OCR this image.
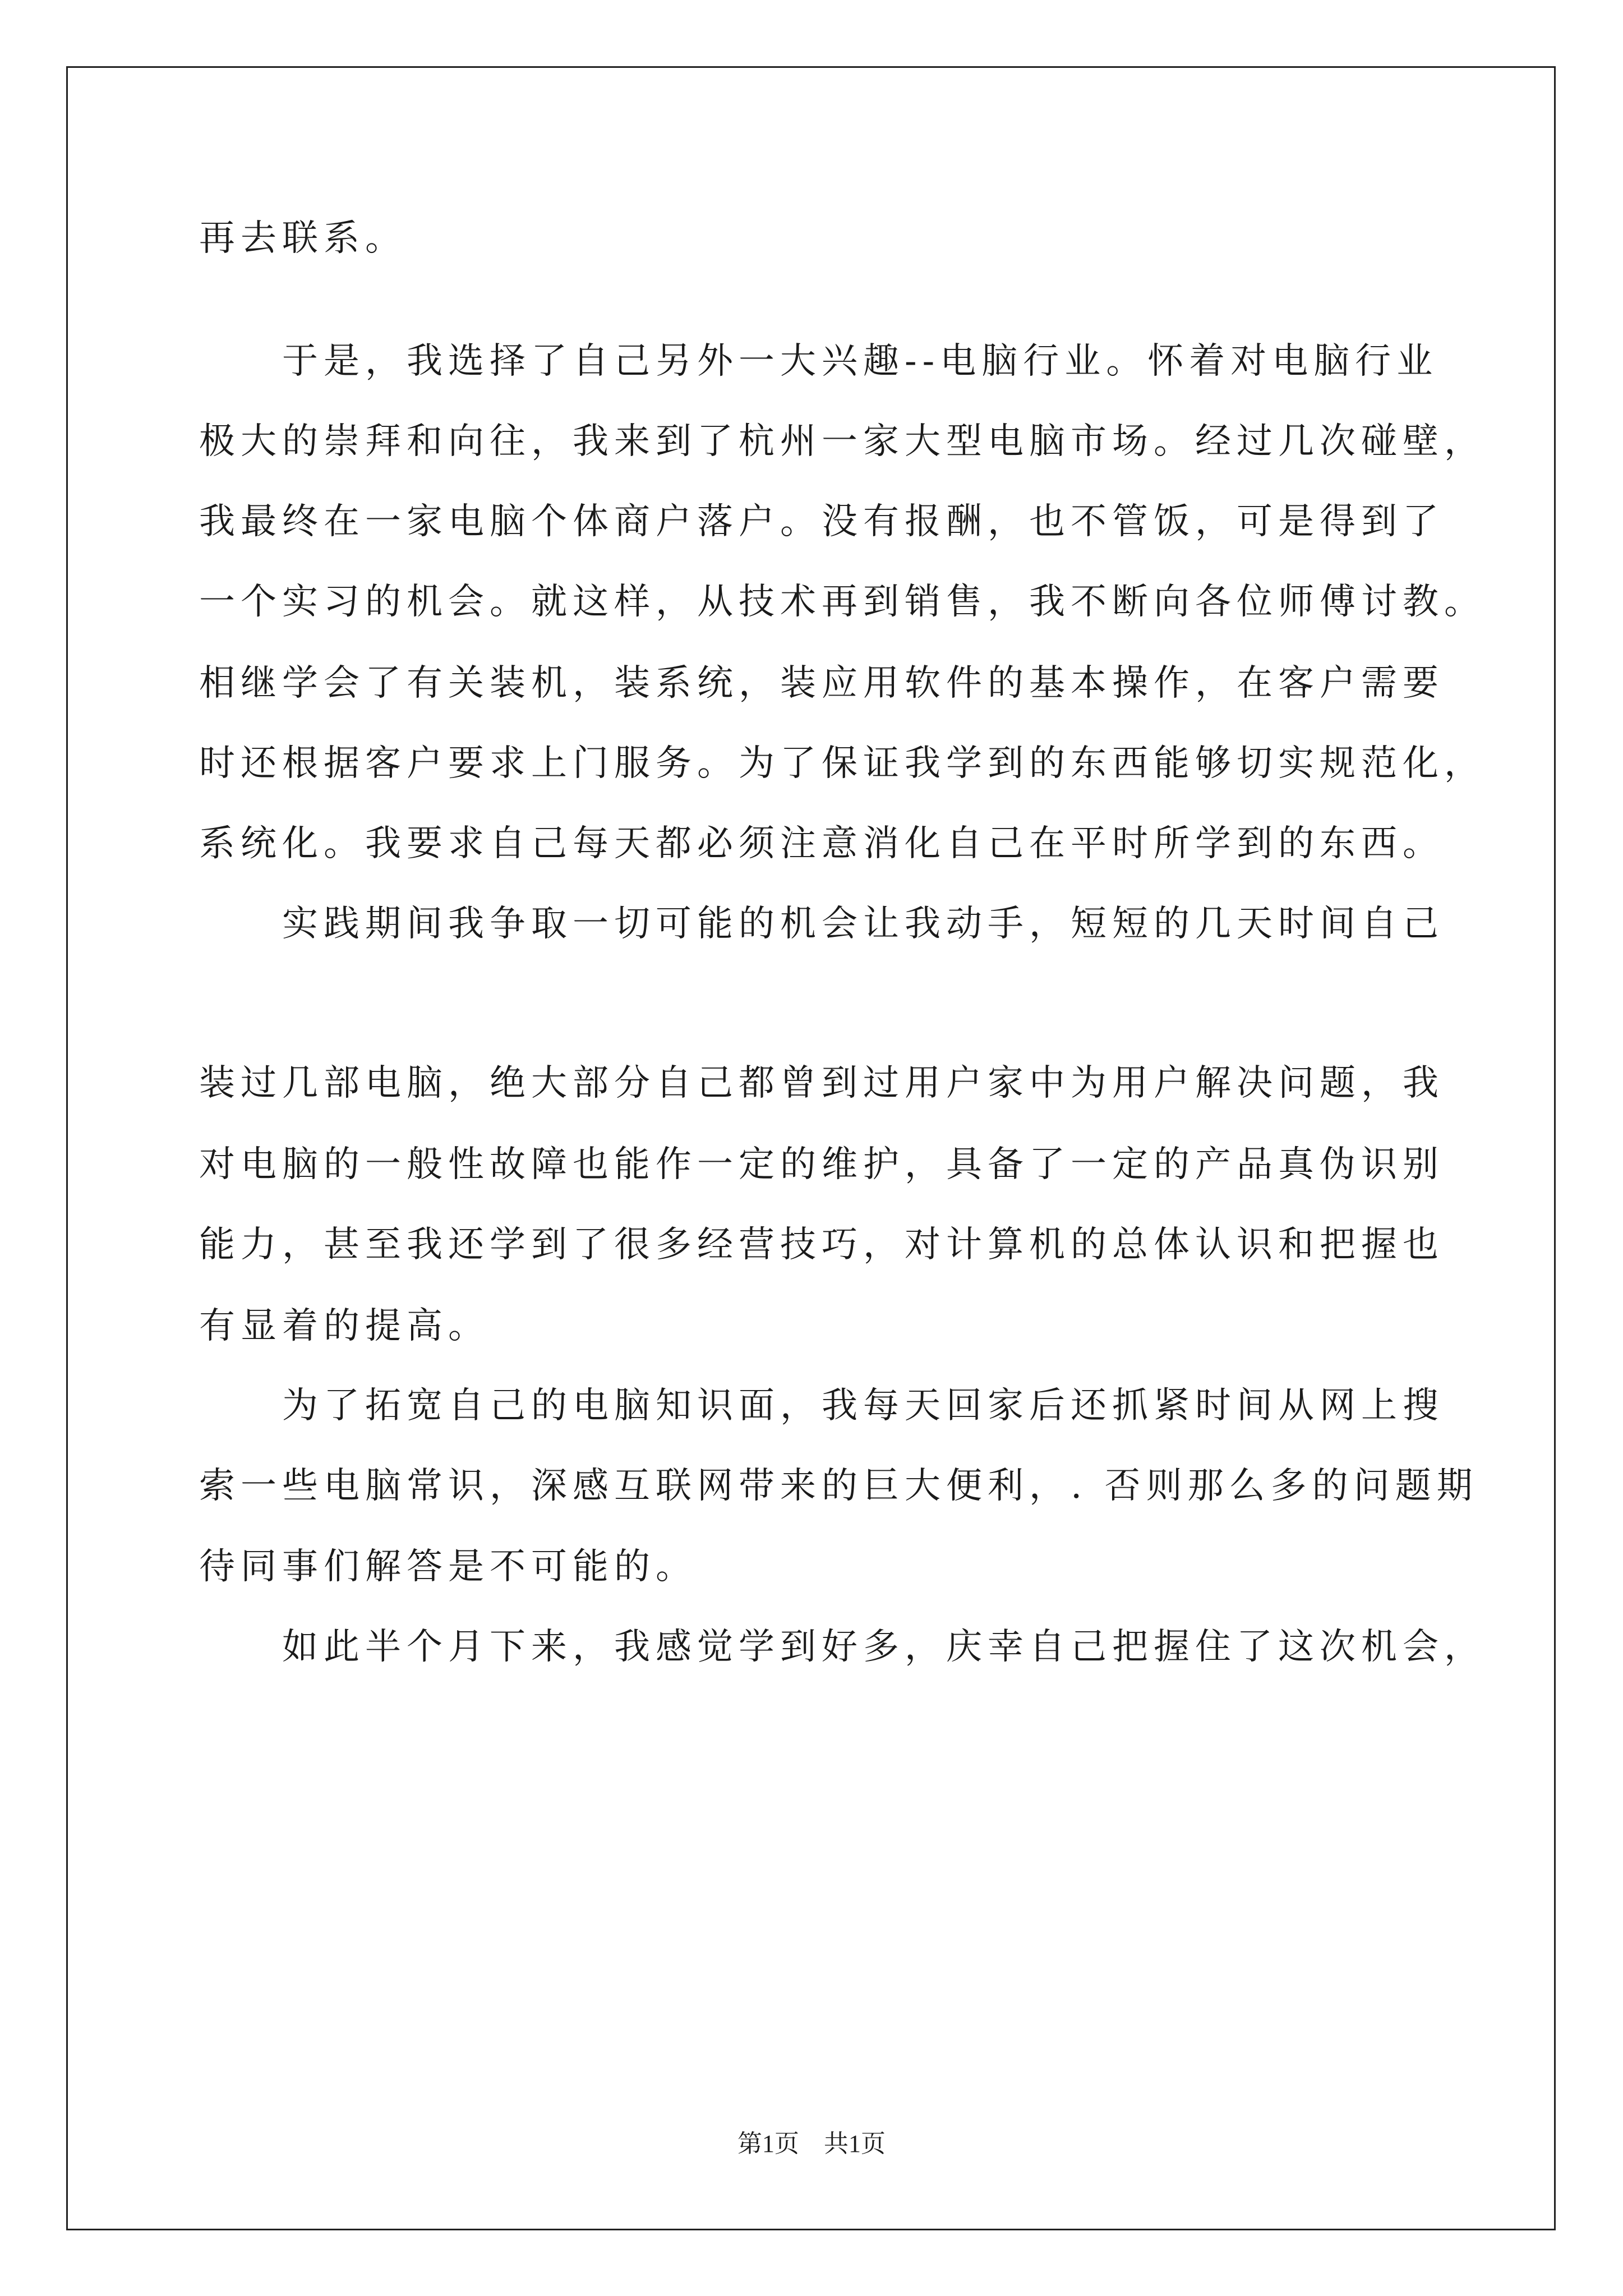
再去联系。
　　于是，我选择了自己另外一大兴趣--电脑行业。怀着对电脑行业
极大的崇拜和向往，我来到了杭州一家大型电脑市场。经过几次碰壁，
我最终在一家电脑个体商户落户。没有报酬，也不管饭，可是得到了
一个实习的机会。就这样，从技术再到销售，我不断向各位师傅讨教。
相继学会了有关装机，装系统，装应用软件的基本操作，在客户需要
时还根据客户要求上门服务。为了保证我学到的东西能够切实规范化，
系统化。我要求自己每天都必须注意消化自己在平时所学到的东西。
　　实践期间我争取一切可能的机会让我动手，短短的几天时间自己
装过几部电脑，绝大部分自己都曾到过用户家中为用户解决问题，我
对电脑的一般性故障也能作一定的维护，具备了一定的产品真伪识别
能力，甚至我还学到了很多经营技巧，对计算机的总体认识和把握也
有显着的提高。
　　为了拓宽自己的电脑知识面，我每天回家后还抓紧时间从网上搜
索一些电脑常识，深感互联网带来的巨大便利，. 否则那么多的问题期
待同事们解答是不可能的。
　　如此半个月下来，我感觉学到好多，庆幸自己把握住了这次机会，
第1页　共1页
